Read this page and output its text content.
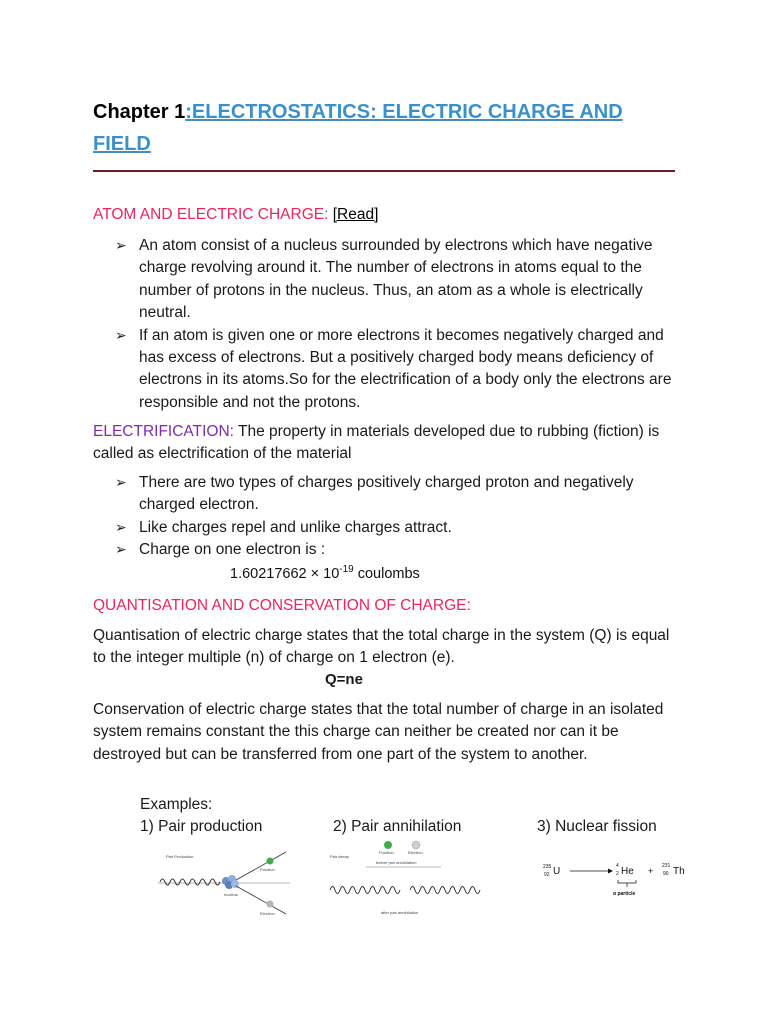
Chapter 1:ELECTROSTATICS: ELECTRIC CHARGE AND FIELD

ATOM AND ELECTRIC CHARGE: [Read]

➢ An atom consist of a nucleus surrounded by electrons which have negative charge revolving around it. The number of electrons in atoms equal to the number of protons in the nucleus. Thus, an atom as a whole is electrically neutral.
➢ If an atom is given one or more electrons it becomes negatively charged and has excess of electrons. But a positively charged body means deficiency of electrons in its atoms.So for the electrification of a body only the electrons are responsible and not the protons.

ELECTRIFICATION: The property in materials developed due to rubbing (fiction) is called as electrification of the material

➢ There are two types of charges positively charged proton and negatively charged electron.
➢ Like charges repel and unlike charges attract.
➢ Charge on one electron is :
$1.60217662 \times 10^{-19}$ coulombs

QUANTISATION AND CONSERVATION OF CHARGE:

Quantisation of electric charge states that the total charge in the system (Q) is equal to the integer multiple (n) of charge on 1 electron (e).

Q=ne

Conservation of electric charge states that the total number of charge in an isolated system remains constant the this charge can neither be created nor can it be destroyed but can be transferred from one part of the system to another.

Examples:
1) Pair production	2) Pair annihilation	3) Nuclear fission
Pair Production
nucleus
Positron
Electron
Pair decay
Positron	Electron
before pair annihilation
after pair annihilation
235
92 U	4
2 He + 231
90 Th
α particle
